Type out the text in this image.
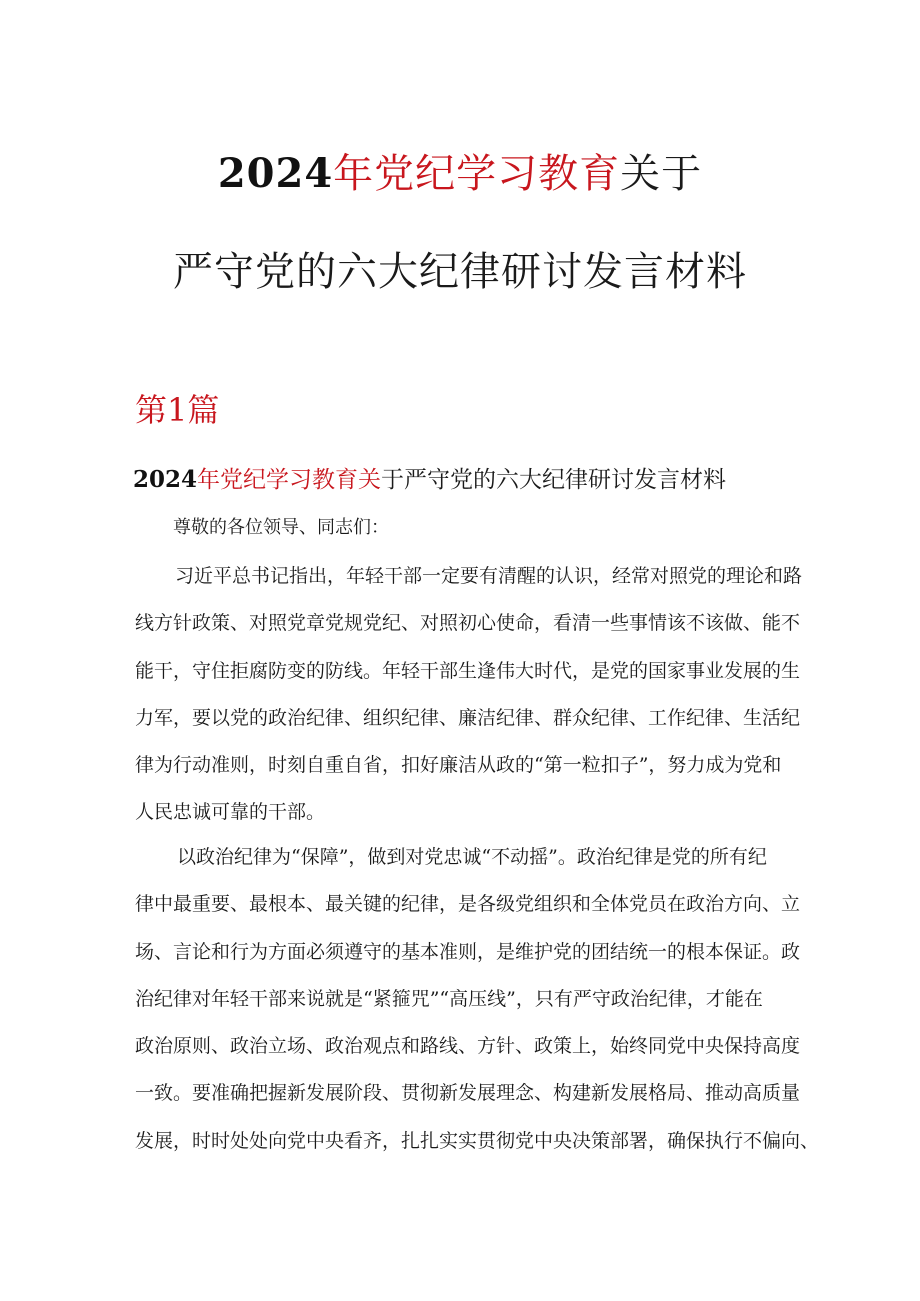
2024年党纪学习教育关于
严守党的六大纪律研讨发言材料
第1篇
2024年党纪学习教育关于严守党的六大纪律研讨发言材料
尊敬的各位领导、同志们：
习近平总书记指出，年轻干部一定要有清醒的认识，经常对照党的理论和路
线方针政策、对照党章党规党纪、对照初心使命，看清一些事情该不该做、能不
能干，守住拒腐防变的防线。年轻干部生逢伟大时代，是党的国家事业发展的生
力军，要以党的政治纪律、组织纪律、廉洁纪律、群众纪律、工作纪律、生活纪
律为行动准则，时刻自重自省，扣好廉洁从政的“第一粒扣子”，努力成为党和
人民忠诚可靠的干部。
以政治纪律为“保障”，做到对党忠诚“不动摇”。政治纪律是党的所有纪
律中最重要、最根本、最关键的纪律，是各级党组织和全体党员在政治方向、立
场、言论和行为方面必须遵守的基本准则，是维护党的团结统一的根本保证。政
治纪律对年轻干部来说就是“紧箍咒”“高压线”，只有严守政治纪律，才能在
政治原则、政治立场、政治观点和路线、方针、政策上，始终同党中央保持高度
一致。要准确把握新发展阶段、贯彻新发展理念、构建新发展格局、推动高质量
发展，时时处处向党中央看齐，扎扎实实贯彻党中央决策部署，确保执行不偏向、
